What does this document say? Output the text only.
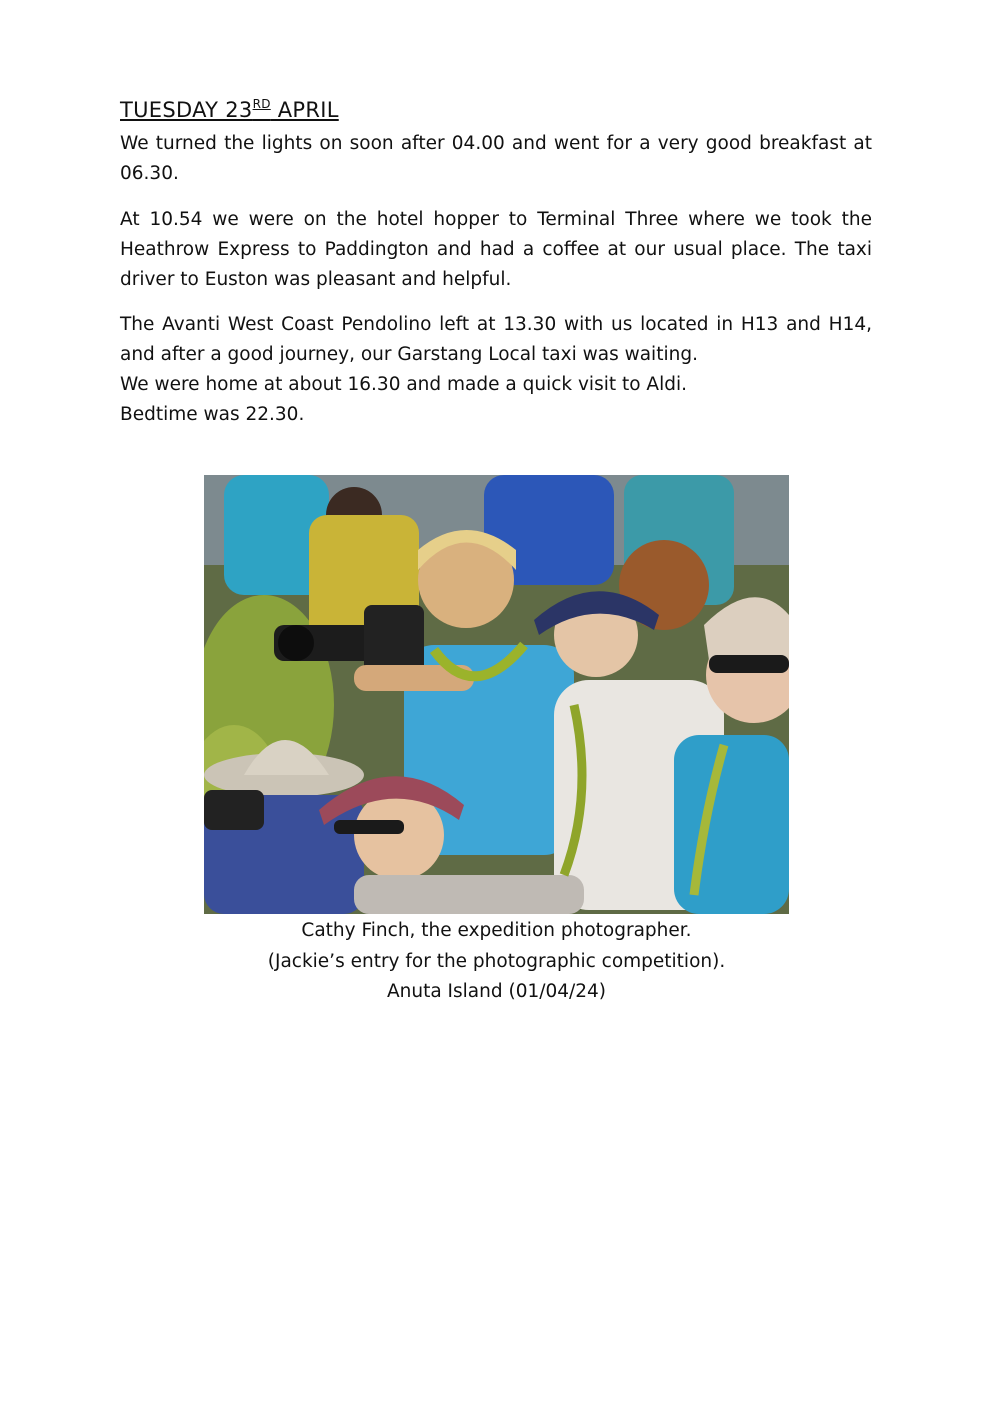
TUESDAY 23RD APRIL

We turned the lights on soon after 04.00 and went for a very good breakfast at 06.30.

At 10.54 we were on the hotel hopper to Terminal Three where we took the Heathrow Express to Paddington and had a coffee at our usual place. The taxi driver to Euston was pleasant and helpful.

The Avanti West Coast Pendolino left at 13.30 with us located in H13 and H14, and after a good journey, our Garstang Local taxi was waiting.
We were home at about 16.30 and made a quick visit to Aldi.
Bedtime was 22.30.
Cathy Finch, the expedition photographer.
(Jackie’s entry for the photographic competition).
Anuta Island (01/04/24)
